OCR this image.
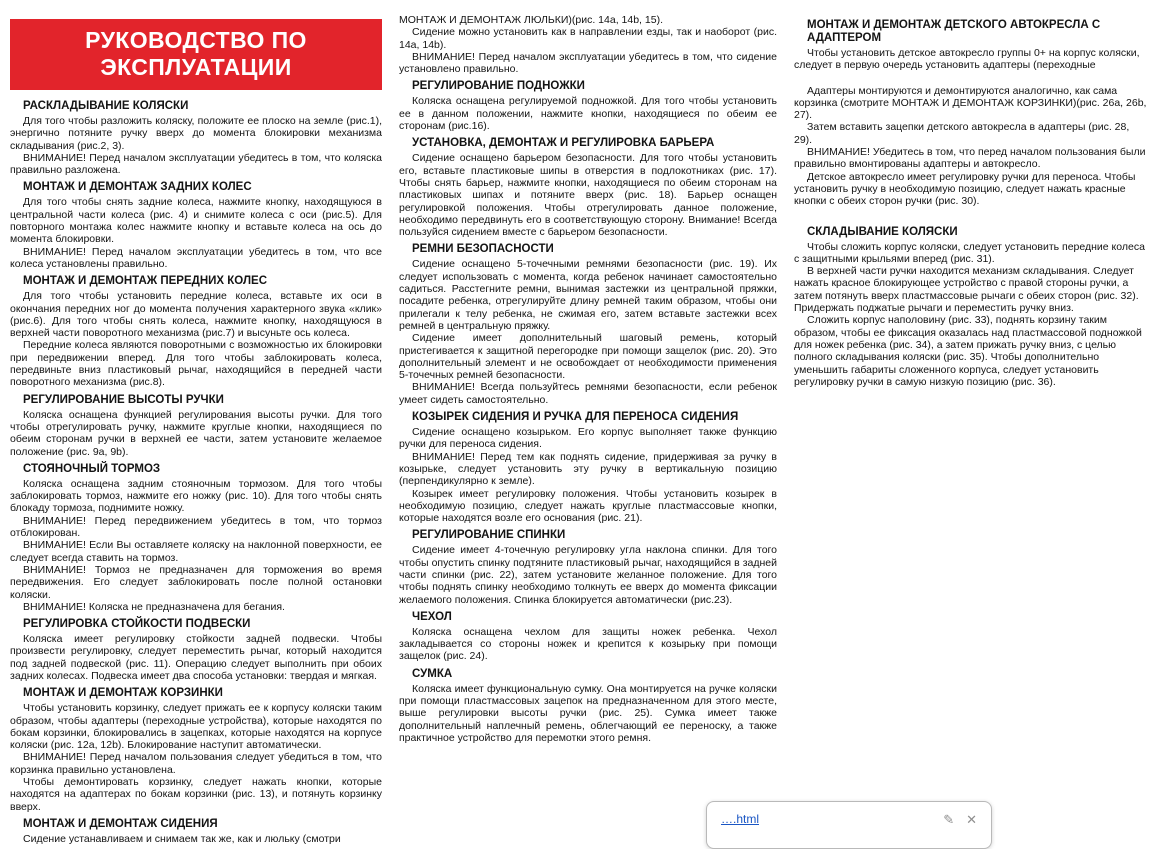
РУКОВОДСТВО ПО ЭКСПЛУАТАЦИИ
РАСКЛАДЫВАНИЕ КОЛЯСКИ

Для того чтобы разложить коляску, положите ее плоско на земле (рис.1), энергично потяните ручку вверх до момента блокировки механизма складывания (рис.2, 3).

ВНИМАНИЕ! Перед началом эксплуатации убедитесь в том, что коляска правильно разложена.

МОНТАЖ И ДЕМОНТАЖ ЗАДНИХ КОЛЕС

Для того чтобы снять задние колеса, нажмите кнопку, находящуюся в центральной части колеса (рис. 4) и снимите колеса с оси (рис.5). Для повторного монтажа колес нажмите кнопку и вставьте колеса на ось до момента блокировки.

ВНИМАНИЕ! Перед началом эксплуатации убедитесь в том, что все колеса установлены правильно.

МОНТАЖ И ДЕМОНТАЖ ПЕРЕДНИХ КОЛЕС

Для того чтобы установить передние колеса, вставьте их оси в окончания передних ног до момента получения характерного звука «клик» (рис.6). Для того чтобы снять колеса, нажмите кнопку, находящуюся в верхней части поворотного механизма (рис.7) и высуньте ось колеса.

Передние колеса являются поворотными с возможностью их блокировки при передвижении вперед. Для того чтобы заблокировать колеса, передвиньте вниз пластиковый рычаг, находящийся в передней части поворотного механизма (рис.8).

РЕГУЛИРОВАНИЕ ВЫСОТЫ РУЧКИ

Коляска оснащена функцией регулирования высоты ручки. Для того чтобы отрегулировать ручку, нажмите круглые кнопки, находящиеся по обеим сторонам ручки в верхней ее части, затем установите желаемое положение (рис. 9a, 9b).

СТОЯНОЧНЫЙ ТОРМОЗ

Коляска оснащена задним стояночным тормозом. Для того чтобы заблокировать тормоз, нажмите его ножку (рис. 10). Для того чтобы снять блокаду тормоза, поднимите ножку.

ВНИМАНИЕ! Перед передвижением убедитесь в том, что тормоз отблокирован.

ВНИМАНИЕ! Если Вы оставляете коляску на наклонной поверхности, ее следует всегда ставить на тормоз.

ВНИМАНИЕ! Тормоз не предназначен для торможения во время передвижения. Его следует заблокировать после полной остановки коляски.

ВНИМАНИЕ! Коляска не предназначена для бегания.

РЕГУЛИРОВКА СТОЙКОСТИ ПОДВЕСКИ

Коляска имеет регулировку стойкости задней подвески. Чтобы произвести регулировку, следует переместить рычаг, который находится под задней подвеской (рис. 11). Операцию следует выполнить при обоих задних колесах. Подвеска имеет два способа установки: твердая и мягкая.

МОНТАЖ И ДЕМОНТАЖ КОРЗИНКИ

Чтобы установить корзинку, следует прижать ее к корпусу коляски таким образом, чтобы адаптеры (переходные устройства), которые находятся по бокам корзинки, блокировались в зацепках, которые находятся на корпусе коляски (рис. 12a, 12b). Блокирование наступит автоматически.

ВНИМАНИЕ! Перед началом пользования следует убедиться в том, что корзинка правильно установлена.

Чтобы демонтировать корзинку, следует нажать кнопки, которые находятся на адаптерах по бокам корзинки (рис. 13), и потянуть корзинку вверх.

МОНТАЖ И ДЕМОНТАЖ СИДЕНИЯ

Сидение устанавливаем и снимаем так же, как и люльку (смотри

МОНТАЖ И ДЕМОНТАЖ ЛЮЛЬКИ)(рис. 14a, 14b, 15).

Сидение можно установить как в направлении езды, так и наоборот (рис. 14a, 14b).

ВНИМАНИЕ! Перед началом эксплуатации убедитесь в том, что сидение установлено правильно.

РЕГУЛИРОВАНИЕ ПОДНОЖКИ

Коляска оснащена регулируемой подножкой. Для того чтобы установить ее в данном положении, нажмите кнопки, находящиеся по обеим ее сторонам (рис.16).

УСТАНОВКА, ДЕМОНТАЖ И РЕГУЛИРОВКА БАРЬЕРА

Сидение оснащено барьером безопасности. Для того чтобы установить его, вставьте пластиковые шипы в отверстия в подлокотниках (рис. 17). Чтобы снять барьер, нажмите кнопки, находящиеся по обеим сторонам на пластиковых шипах и потяните вверх (рис. 18). Барьер оснащен регулировкой положения. Чтобы отрегулировать данное положение, необходимо передвинуть его в соответствующую сторону. Внимание! Всегда пользуйся сидением вместе с барьером безопасности.

РЕМНИ БЕЗОПАСНОСТИ

Сидение оснащено 5-точечными ремнями безопасности (рис. 19). Их следует использовать с момента, когда ребенок начинает самостоятельно садиться. Расстегните ремни, вынимая застежки из центральной пряжки, посадите ребенка, отрегулируйте длину ремней таким образом, чтобы они прилегали к телу ребенка, не сжимая его, затем вставьте застежки всех ремней в центральную пряжку.

Сидение имеет дополнительный шаговый ремень, который пристегивается к защитной перегородке при помощи защелок (рис. 20). Это дополнительный элемент и не освобождает от необходимости применения 5-точечных ремней безопасности.

ВНИМАНИЕ! Всегда пользуйтесь ремнями безопасности, если ребенок умеет сидеть самостоятельно.

КОЗЫРЕК СИДЕНИЯ И РУЧКА ДЛЯ ПЕРЕНОСА СИДЕНИЯ

Сидение оснащено козырьком. Его корпус выполняет также функцию ручки для переноса сидения.

ВНИМАНИЕ! Перед тем как поднять сидение, придерживая за ручку в козырьке, следует установить эту ручку в вертикальную позицию (перпендикулярно к земле).

Козырек имеет регулировку положения. Чтобы установить козырек в необходимую позицию, следует нажать круглые пластмассовые кнопки, которые находятся возле его основания (рис. 21).

РЕГУЛИРОВАНИЕ СПИНКИ

Сидение имеет 4-точечную регулировку угла наклона спинки. Для того чтобы опустить спинку подтяните пластиковый рычаг, находящийся в задней части спинки (рис. 22), затем установите желанное положение. Для того чтобы поднять спинку необходимо толкнуть ее вверх до момента фиксации желаемого положения. Спинка блокируется автоматически (рис.23).

ЧЕХОЛ

Коляска оснащена чехлом для защиты ножек ребенка. Чехол закладывается со стороны ножек и крепится к козырьку при помощи защелок (рис. 24).

СУМКА

Коляска имеет функциональную сумку. Она монтируется на ручке коляски при помощи пластмассовых зацепок на предназначенном для этого месте, выше регулировки высоты ручки (рис. 25). Сумка имеет также дополнительный наплечный ремень, облегчающий ее переноску, а также практичное устройство для перемотки этого ремня.

МОНТАЖ И ДЕМОНТАЖ ДЕТСКОГО АВТОКРЕСЛА С АДАПТЕРОМ

Чтобы установить детское автокресло группы 0+ на корпус коляски, следует в первую очередь установить адаптеры (переходные

Адаптеры монтируются и демонтируются аналогично, как сама корзинка (смотрите МОНТАЖ И ДЕМОНТАЖ КОРЗИНКИ)(рис. 26a, 26b, 27).

Затем вставить зацепки детского автокресла в адаптеры (рис. 28, 29).

ВНИМАНИЕ! Убедитесь в том, что перед началом пользования были правильно вмонтированы адаптеры и автокресло.

Детское автокресло имеет регулировку ручки для переноса. Чтобы установить ручку в необходимую позицию, следует нажать красные кнопки с обеих сторон ручки (рис. 30).

СКЛАДЫВАНИЕ КОЛЯСКИ

Чтобы сложить корпус коляски, следует установить передние колеса с защитными крыльями вперед (рис. 31).

В верхней части ручки находится механизм складывания. Следует нажать красное блокирующее устройство с правой стороны ручки, а затем потянуть вверх пластмассовые рычаги с обеих сторон (рис. 32). Придержать поджатые рычаги и переместить ручку вниз.

Сложить корпус наполовину (рис. 33), поднять корзину таким образом, чтобы ее фиксация оказалась над пластмассовой подножкой для ножек ребенка (рис. 34), а затем прижать ручку вниз, с целью полного складывания коляски (рис. 35). Чтобы дополнительно уменьшить габариты сложенного корпуса, следует установить регулировку ручки в самую низкую позицию (рис. 36).

….html	✎ ✕
